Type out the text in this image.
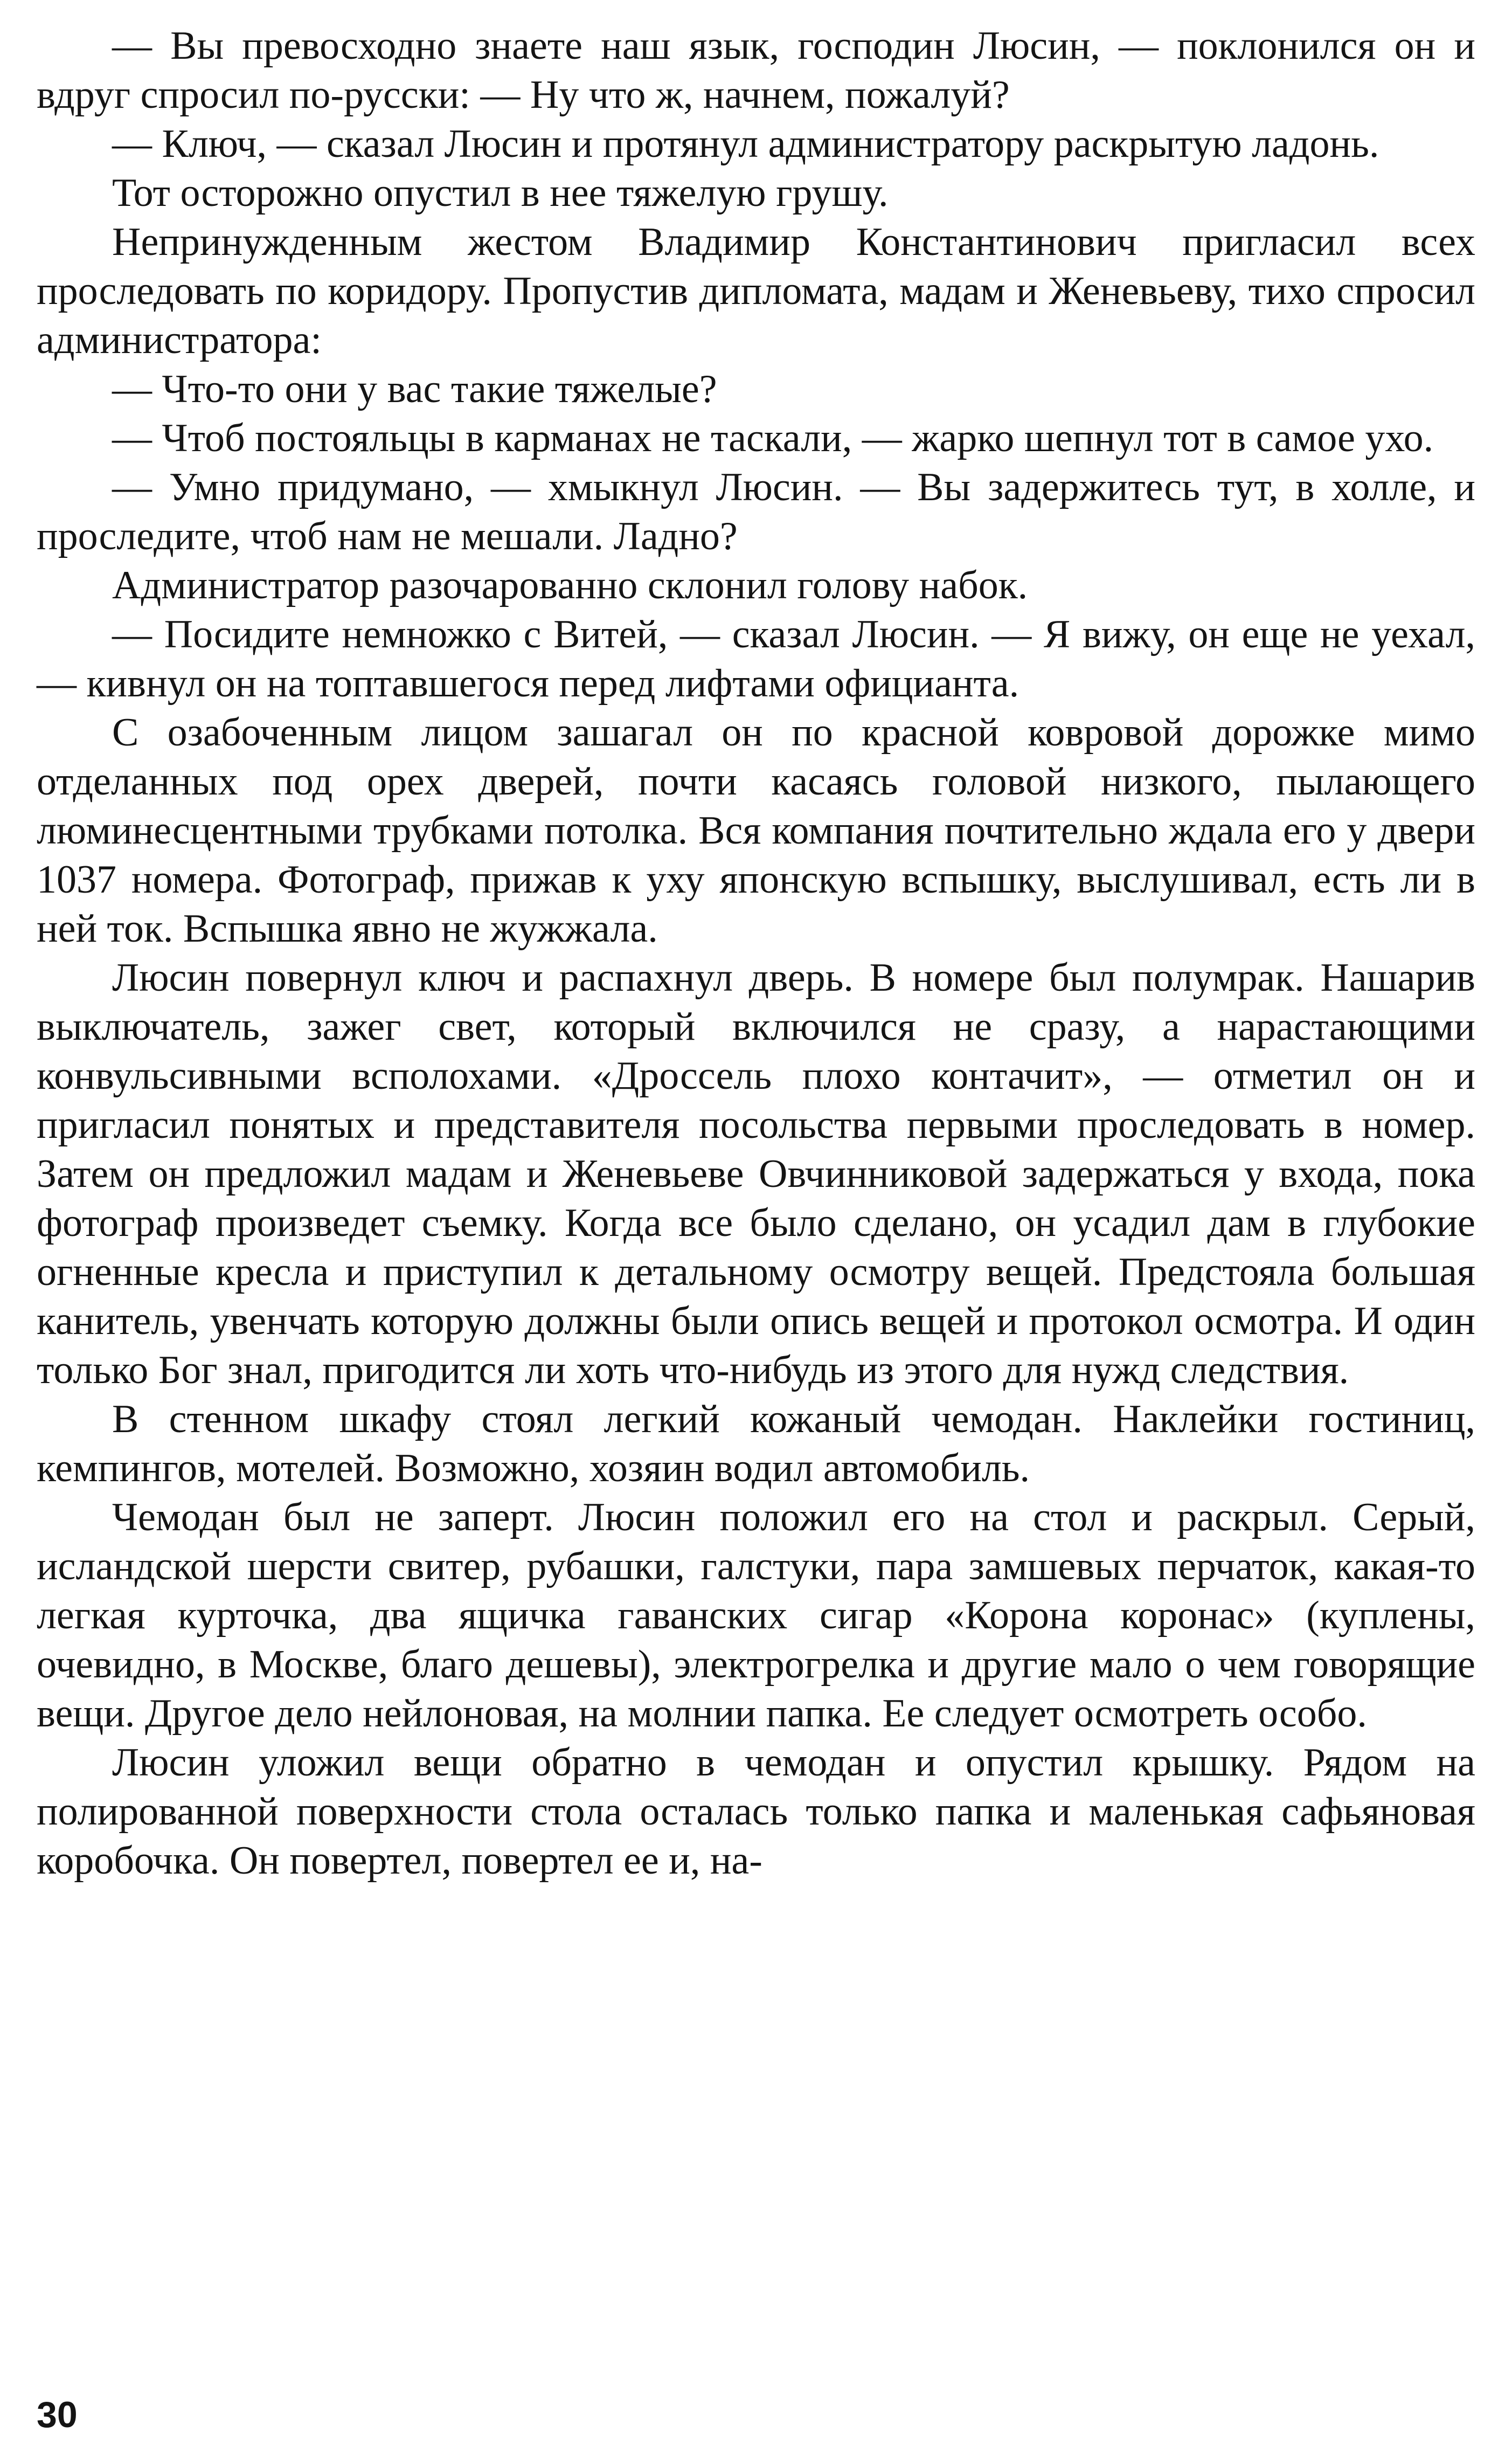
— Вы превосходно знаете наш язык, господин Люсин, — поклонился он и вдруг спросил по-русски: — Ну что ж, начнем, пожалуй?

— Ключ, — сказал Люсин и протянул администратору раскрытую ладонь.

Тот осторожно опустил в нее тяжелую грушу.

Непринужденным жестом Владимир Константинович пригласил всех проследовать по коридору. Пропустив дипломата, мадам и Женевьеву, тихо спросил администратора:

— Что-то они у вас такие тяжелые?

— Чтоб постояльцы в карманах не таскали, — жарко шепнул тот в самое ухо.

— Умно придумано, — хмыкнул Люсин. — Вы задержитесь тут, в холле, и проследите, чтоб нам не мешали. Ладно?

Администратор разочарованно склонил голову набок.

— Посидите немножко с Витей, — сказал Люсин. — Я вижу, он еще не уехал, — кивнул он на топтавшегося перед лифтами официанта.

С озабоченным лицом зашагал он по красной ковровой дорожке мимо отделанных под орех дверей, почти касаясь головой низкого, пылающего люминесцентными трубками потолка. Вся компания почтительно ждала его у двери 1037 номера. Фотограф, прижав к уху японскую вспышку, выслушивал, есть ли в ней ток. Вспышка явно не жужжала.

Люсин повернул ключ и распахнул дверь. В номере был полумрак. Нашарив выключатель, зажег свет, который включился не сразу, а нарастающими конвульсивными всполохами. «Дроссель плохо контачит», — отметил он и пригласил понятых и представителя посольства первыми проследовать в номер. Затем он предложил мадам и Женевьеве Овчинниковой задержаться у входа, пока фотограф произведет съемку. Когда все было сделано, он усадил дам в глубокие огненные кресла и приступил к детальному осмотру вещей. Предстояла большая канитель, увенчать которую должны были опись вещей и протокол осмотра. И один только Бог знал, пригодится ли хоть что-нибудь из этого для нужд следствия.

В стенном шкафу стоял легкий кожаный чемодан. Наклейки гостиниц, кемпингов, мотелей. Возможно, хозяин водил автомобиль.

Чемодан был не заперт. Люсин положил его на стол и раскрыл. Серый, исландской шерсти свитер, рубашки, галстуки, пара замшевых перчаток, какая-то легкая курточка, два ящичка гаванских сигар «Корона коронас» (куплены, очевидно, в Москве, благо дешевы), электрогрелка и другие мало о чем говорящие вещи. Другое дело нейлоновая, на молнии папка. Ее следует осмотреть особо.

Люсин уложил вещи обратно в чемодан и опустил крышку. Рядом на полированной поверхности стола осталась только папка и маленькая сафьяновая коробочка. Он повертел, повертел ее и, на-

30
